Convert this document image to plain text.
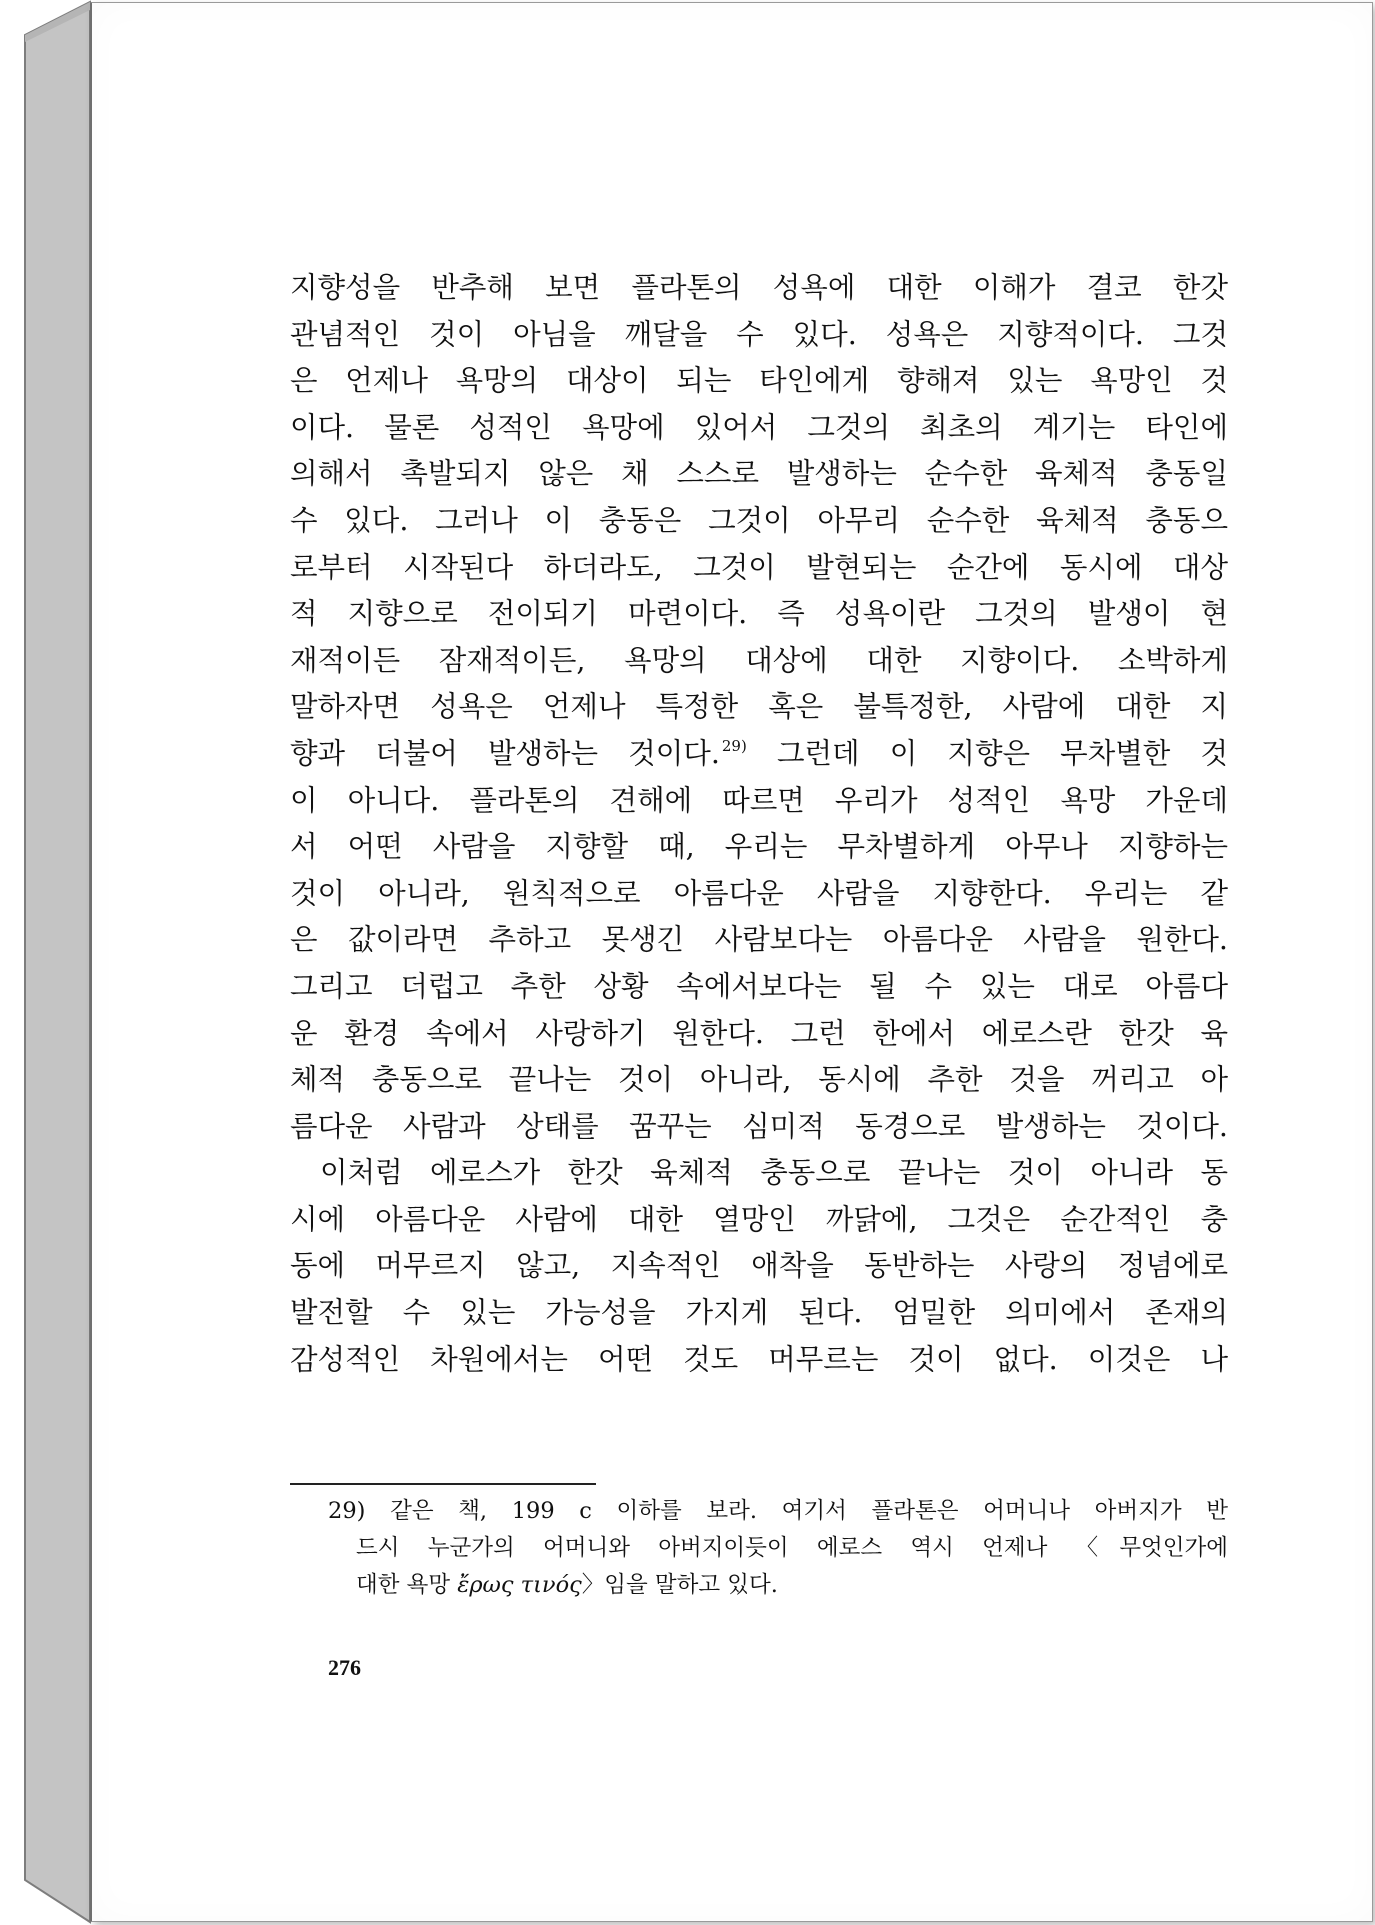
지향성을 반추해 보면 플라톤의 성욕에 대한 이해가 결코 한갓
관념적인 것이 아님을 깨달을 수 있다. 성욕은 지향적이다. 그것
은 언제나 욕망의 대상이 되는 타인에게 향해져 있는 욕망인 것
이다. 물론 성적인 욕망에 있어서 그것의 최초의 계기는 타인에
의해서 촉발되지 않은 채 스스로 발생하는 순수한 육체적 충동일
수 있다. 그러나 이 충동은 그것이 아무리 순수한 육체적 충동으
로부터 시작된다 하더라도, 그것이 발현되는 순간에 동시에 대상
적 지향으로 전이되기 마련이다. 즉 성욕이란 그것의 발생이 현
재적이든 잠재적이든, 욕망의 대상에 대한 지향이다. 소박하게
말하자면 성욕은 언제나 특정한 혹은 불특정한, 사람에 대한 지
향과 더불어 발생하는 것이다. $^{29)}$ 그런데 이 지향은 무차별한 것
이 아니다. 플라톤의 견해에 따르면 우리가 성적인 욕망 가운데
서 어떤 사람을 지향할 때, 우리는 무차별하게 아무나 지향하는
것이 아니라, 원칙적으로 아름다운 사람을 지향한다. 우리는 같
은 값이라면 추하고 못생긴 사람보다는 아름다운 사람을 원한다.
그리고 더럽고 추한 상황 속에서보다는 될 수 있는 대로 아름다
운 환경 속에서 사랑하기 원한다. 그런 한에서 에로스란 한갓 육
체적 충동으로 끝나는 것이 아니라, 동시에 추한 것을 꺼리고 아
름다운 사람과 상태를 꿈꾸는 심미적 동경으로 발생하는 것이다.
이처럼 에로스가 한갓 육체적 충동으로 끝나는 것이 아니라 동
시에 아름다운 사람에 대한 열망인 까닭에, 그것은 순간적인 충
동에 머무르지 않고, 지속적인 애착을 동반하는 사랑의 정념에로
발전할 수 있는 가능성을 가지게 된다. 엄밀한 의미에서 존재의
감성적인 차원에서는 어떤 것도 머무르는 것이 없다. 이것은 나
29) 같은 책, 199 c 이하를 보라. 여기서 플라톤은 어머니나 아버지가 반
드시 누군가의 어머니와 아버지이듯이 에로스 역시 언제나 〈무엇인가에
대한 욕망 ἔρως τινός〉임을 말하고 있다.
276
